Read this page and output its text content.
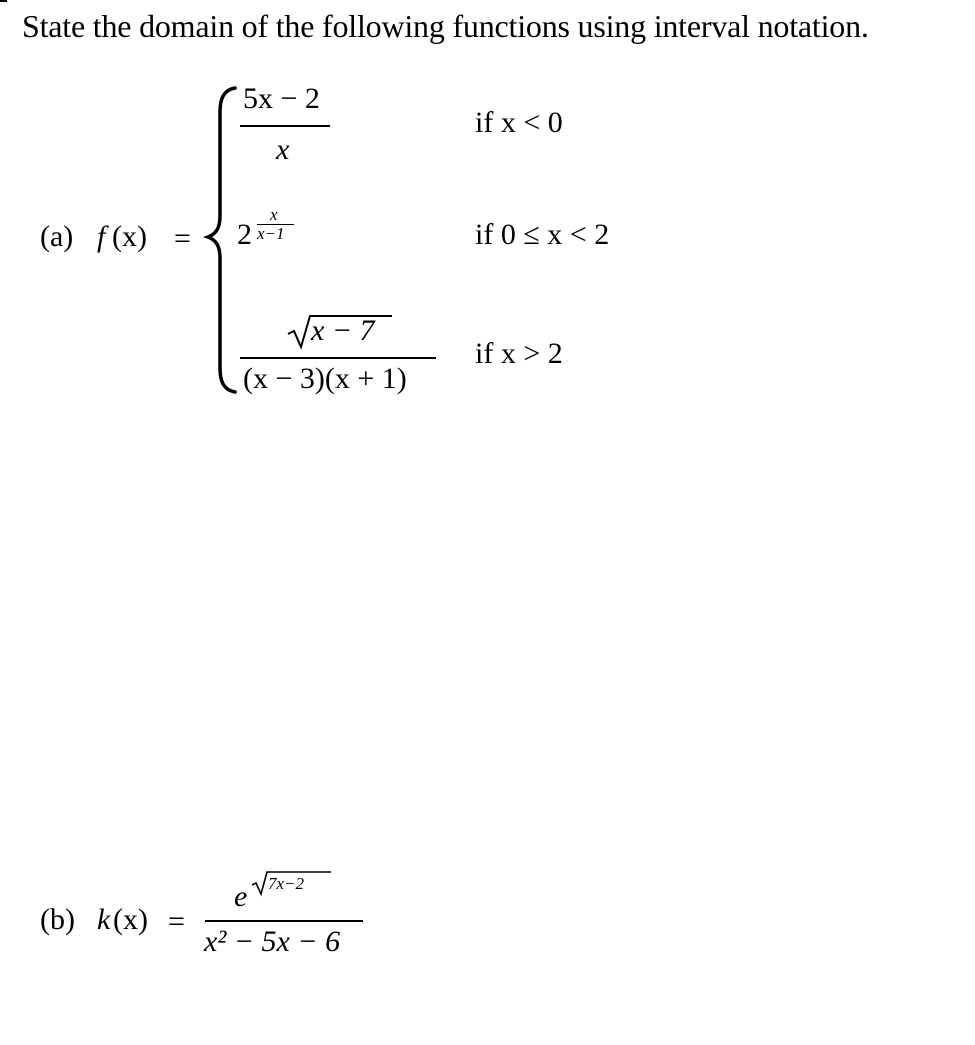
State the domain of the following functions using interval notation.
(a) f (x) =
5x − 2
x
if x < 0
2
x
x−1	if 0 ≤ x < 2
x − 7
(x − 3)(x + 1)
if x > 2
(b) k (x) =
e 7x−2
x² − 5x − 6
